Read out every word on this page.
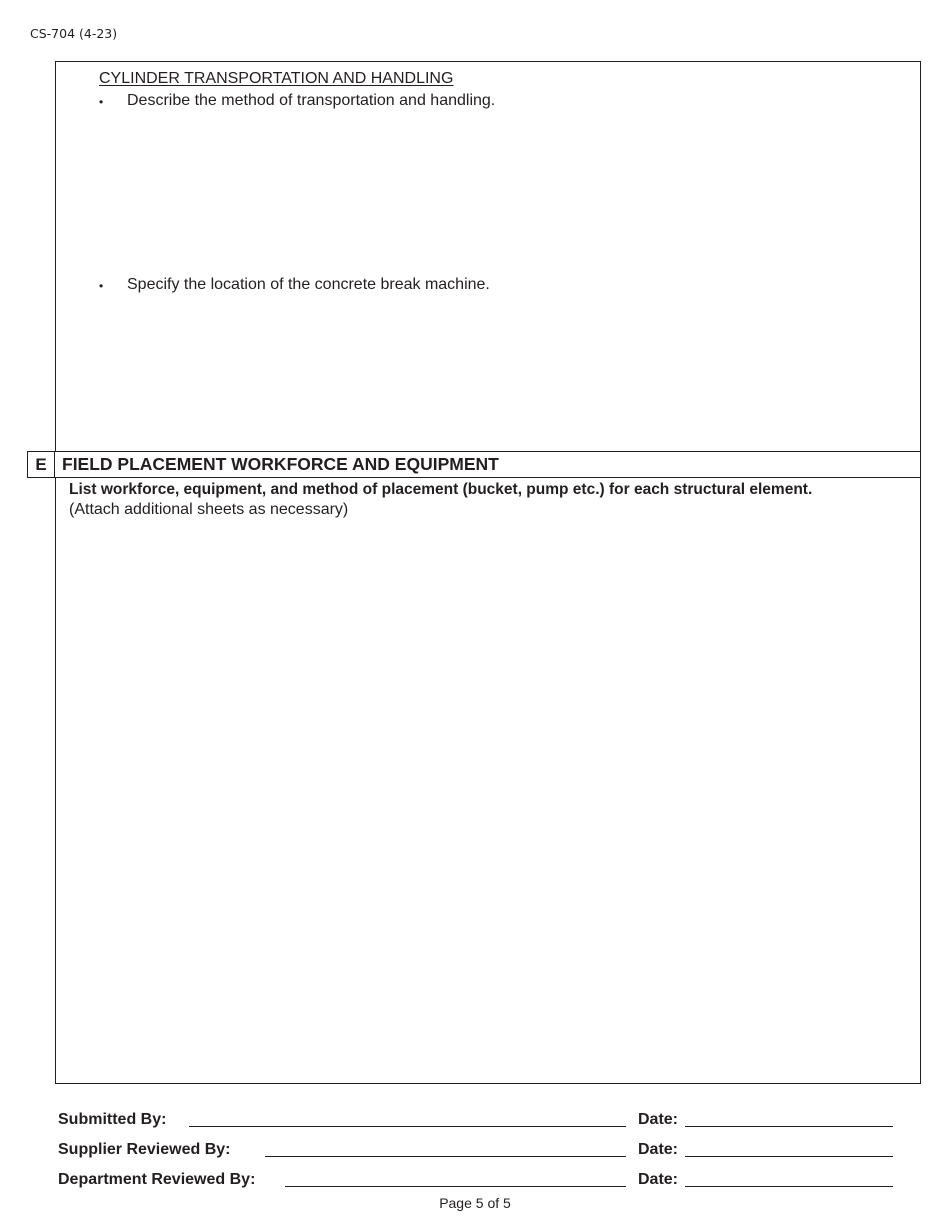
CS-704 (4-23)
CYLINDER TRANSPORTATION AND HANDLING
• Describe the method of transportation and handling.
• Specify the location of the concrete break machine.
E FIELD PLACEMENT WORKFORCE AND EQUIPMENT
List workforce, equipment, and method of placement (bucket, pump etc.) for each structural element.
(Attach additional sheets as necessary)
Submitted By:	Date:
Supplier Reviewed By:	Date:
Department Reviewed By:	Date:
Page 5 of 5
